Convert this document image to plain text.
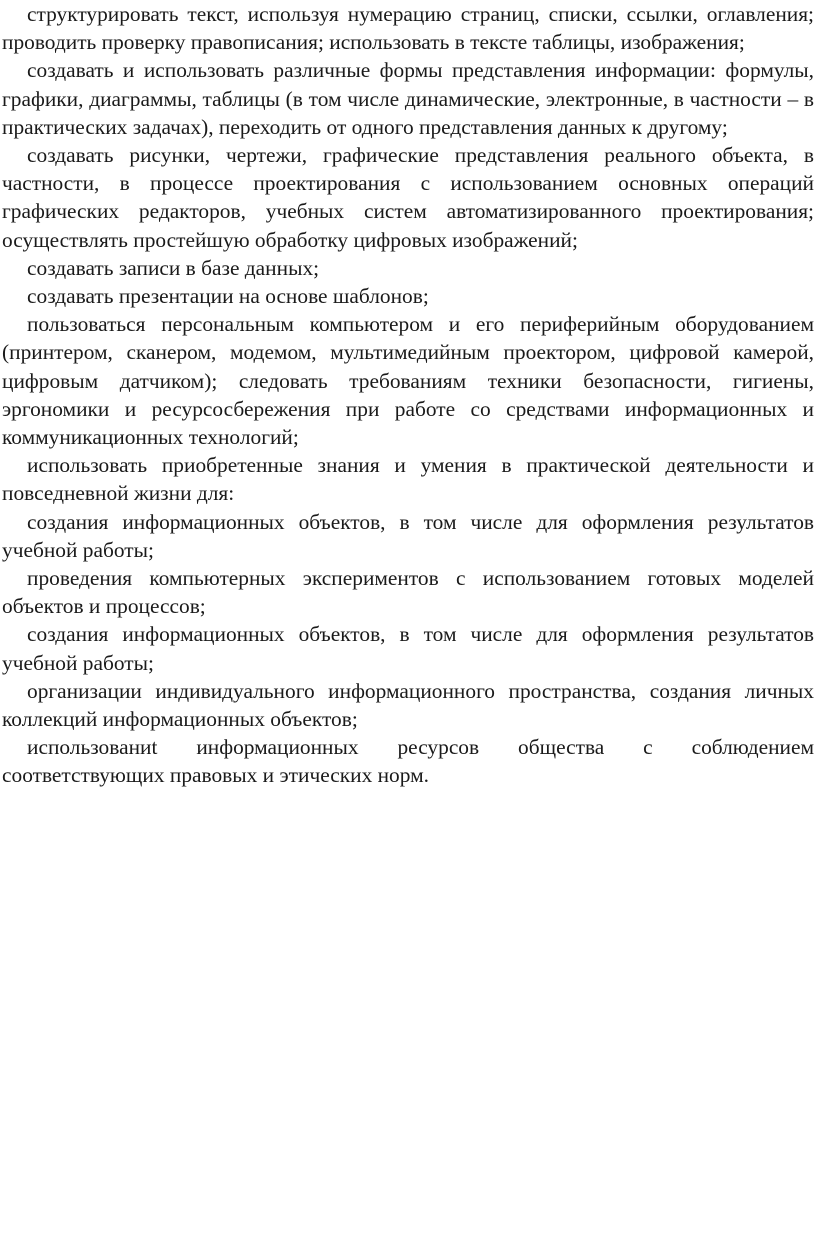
структурировать текст, используя нумерацию страниц, списки, ссылки, оглавления; проводить проверку правописания; использовать в тексте таблицы, изображения;

создавать и использовать различные формы представления информации: формулы, графики, диаграммы, таблицы (в том числе динамические, электронные, в частности – в практических задачах), переходить от одного представления данных к другому;

создавать рисунки, чертежи, графические представления реального объекта, в частности, в процессе проектирования с использованием основных операций графических редакторов, учебных систем автоматизированного проектирования; осуществлять простейшую обработку цифровых изображений;

создавать записи в базе данных;

создавать презентации на основе шаблонов;

пользоваться персональным компьютером и его периферийным оборудованием (принтером, сканером, модемом, мультимедийным проектором, цифровой камерой, цифровым датчиком); следовать требованиям техники безопасности, гигиены, эргономики и ресурсосбережения при работе со средствами информационных и коммуникационных технологий;

использовать приобретенные знания и умения в практической деятельности и повседневной жизни для:

создания информационных объектов, в том числе для оформления результатов учебной работы;

проведения компьютерных экспериментов с использованием готовых моделей объектов и процессов;

создания информационных объектов, в том числе для оформления результатов учебной работы;

организации индивидуального информационного пространства, создания личных коллекций информационных объектов;

использованиt информационных ресурсов общества с соблюдением соответствующих правовых и этических норм.
